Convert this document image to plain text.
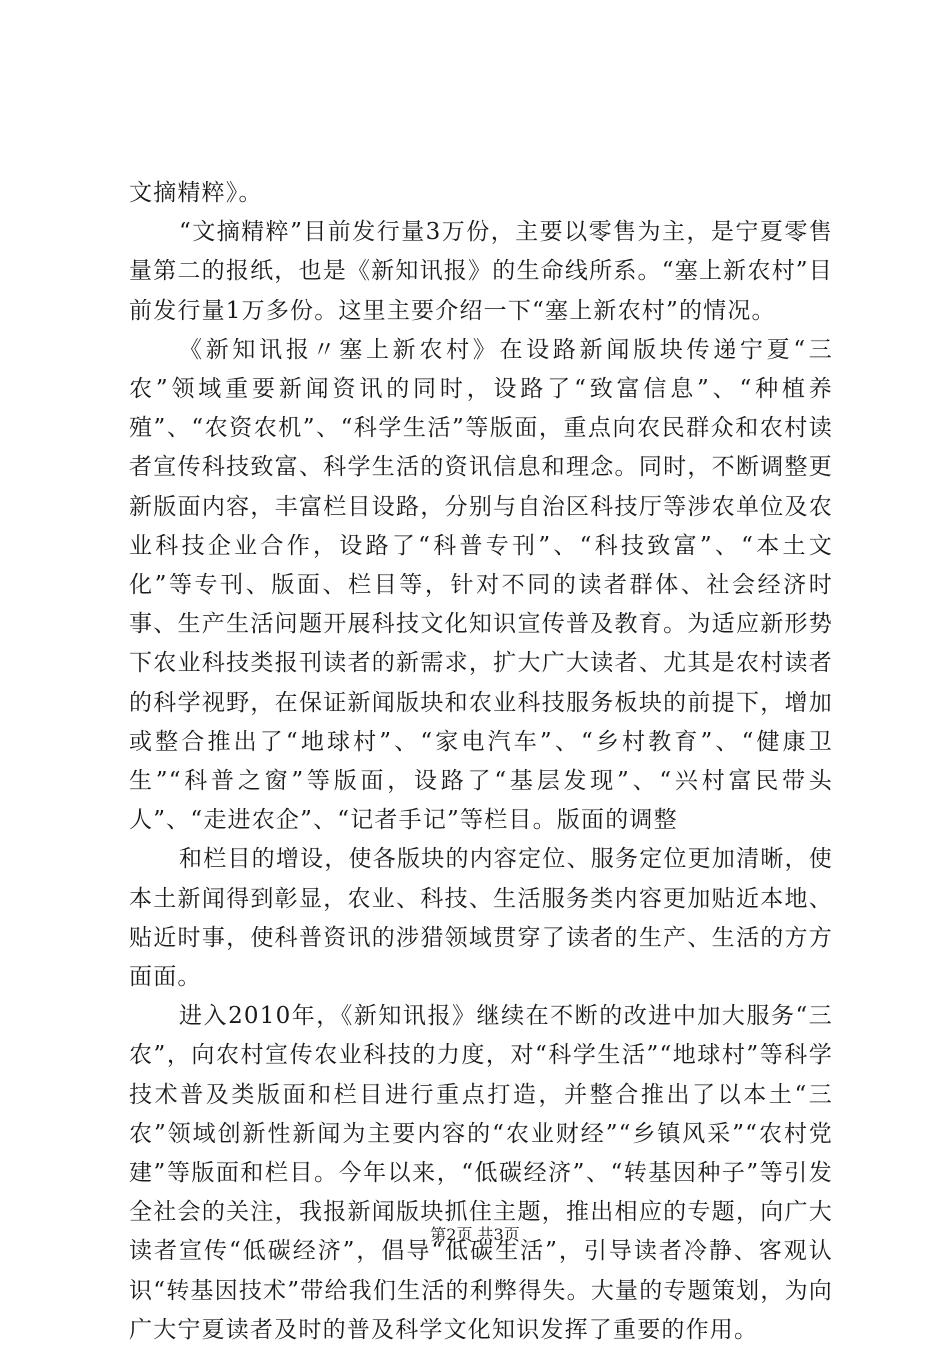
文摘精粹》。

“文摘精粹”目前发行量3万份，主要以零售为主，是宁夏零售量第二的报纸，也是《新知讯报》的生命线所系。“塞上新农村”目前发行量1万多份。这里主要介绍一下“塞上新农村”的情况。

《新知讯报〃塞上新农村》在设路新闻版块传递宁夏“三农”领域重要新闻资讯的同时，设路了“致富信息”、“种植养殖”、“农资农机”、“科学生活”等版面，重点向农民群众和农村读者宣传科技致富、科学生活的资讯信息和理念。同时，不断调整更新版面内容，丰富栏目设路，分别与自治区科技厅等涉农单位及农业科技企业合作，设路了“科普专刊”、“科技致富”、“本土文化”等专刊、版面、栏目等，针对不同的读者群体、社会经济时事、生产生活问题开展科技文化知识宣传普及教育。为适应新形势下农业科技类报刊读者的新需求，扩大广大读者、尤其是农村读者的科学视野，在保证新闻版块和农业科技服务板块的前提下，增加或整合推出了“地球村”、“家电汽车”、“乡村教育”、“健康卫生”“科普之窗”等版面，设路了“基层发现”、“兴村富民带头人”、“走进农企”、“记者手记”等栏目。版面的调整

和栏目的增设，使各版块的内容定位、服务定位更加清晰，使本土新闻得到彰显，农业、科技、生活服务类内容更加贴近本地、贴近时事，使科普资讯的涉猎领域贯穿了读者的生产、生活的方方面面。

进入2010年，《新知讯报》继续在不断的改进中加大服务“三农”，向农村宣传农业科技的力度，对“科学生活”“地球村”等科学技术普及类版面和栏目进行重点打造，并整合推出了以本土“三农”领域创新性新闻为主要内容的“农业财经”“乡镇风采”“农村党建”等版面和栏目。今年以来，“低碳经济”、“转基因种子”等引发全社会的关注，我报新闻版块抓住主题，推出相应的专题，向广大读者宣传“低碳经济”，倡导“低碳生活”，引导读者冷静、客观认识“转基因技术”带给我们生活的利弊得失。大量的专题策划，为向广大宁夏读者及时的普及科学文化知识发挥了重要的作用。

第2页 共3页
